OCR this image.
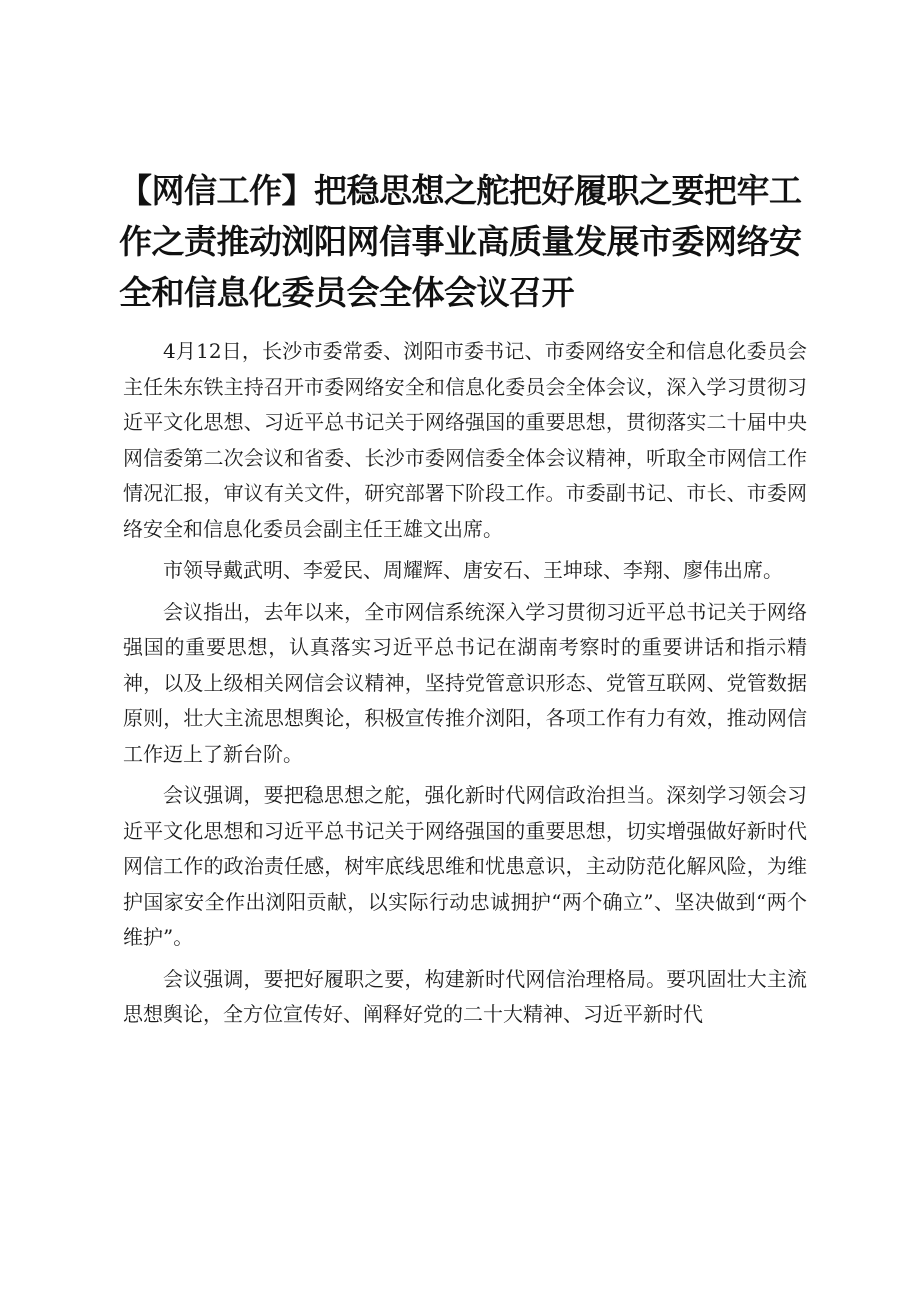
【网信工作】把稳思想之舵把好履职之要把牢工作之责推动浏阳网信事业高质量发展市委网络安全和信息化委员会全体会议召开

4月12日，长沙市委常委、浏阳市委书记、市委网络安全和信息化委员会主任朱东铁主持召开市委网络安全和信息化委员会全体会议，深入学习贯彻习近平文化思想、习近平总书记关于网络强国的重要思想，贯彻落实二十届中央网信委第二次会议和省委、长沙市委网信委全体会议精神，听取全市网信工作情况汇报，审议有关文件，研究部署下阶段工作。市委副书记、市长、市委网络安全和信息化委员会副主任王雄文出席。

市领导戴武明、李爱民、周耀辉、唐安石、王坤球、李翔、廖伟出席。

会议指出，去年以来，全市网信系统深入学习贯彻习近平总书记关于网络强国的重要思想，认真落实习近平总书记在湖南考察时的重要讲话和指示精神，以及上级相关网信会议精神，坚持党管意识形态、党管互联网、党管数据原则，壮大主流思想舆论，积极宣传推介浏阳，各项工作有力有效，推动网信工作迈上了新台阶。

会议强调，要把稳思想之舵，强化新时代网信政治担当。深刻学习领会习近平文化思想和习近平总书记关于网络强国的重要思想，切实增强做好新时代网信工作的政治责任感，树牢底线思维和忧患意识，主动防范化解风险，为维护国家安全作出浏阳贡献，以实际行动忠诚拥护“两个确立”、坚决做到“两个维护”。

会议强调，要把好履职之要，构建新时代网信治理格局。要巩固壮大主流思想舆论，全方位宣传好、阐释好党的二十大精神、习近平新时代
